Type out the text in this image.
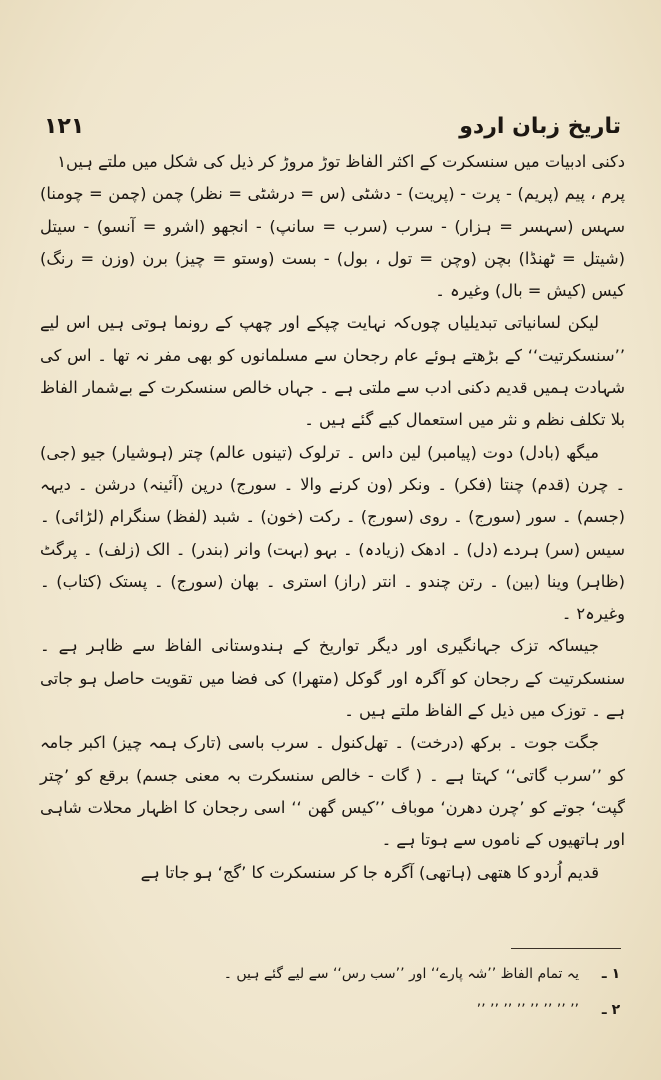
۱۲۱	تاریخ زبان اردو

دکنی ادبیات میں سنسکرت کے اکثر الفاظ توڑ مروڑ کر ذیل کی شکل میں ملتے ہیں۱

پرم ، پیم (پریم) - پرت - (پریت) - دشٹی (س = درشٹی = نظر) چمن (چمن = چومنا) سہس (سہسر = ہزار) - سرب (سرب = سانپ) - انجھو (اشرو = آنسو) - سیتل (شیتل = ٹھنڈا) بچن (وچن = تول ، بول) - بست (وستو = چیز) برن (وزن = رنگ) کیس (کیش = بال) وغیرہ ۔

لیکن لسانیاتی تبدیلیاں چوں‌کہ نہایت چپکے اور چھپ کے رونما ہوتی ہیں اس لیے ’’سنسکرتیت‘‘ کے بڑھتے ہوئے عام رجحان سے مسلمانوں کو بھی مفر نہ تھا ۔ اس کی شہادت ہمیں قدیم دکنی ادب سے ملتی ہے ۔ جہاں خالص سنسکرت کے بےشمار الفاظ بلا تکلف نظم و نثر میں استعمال کیے گئے ہیں ۔

میگھ (بادل) دوت (پیامبر) لین داس ۔ ترلوک (تینوں عالم) چتر (ہوشیار) جیو (جی) ۔ چرن (قدم) چنتا (فکر) ۔ ونکر (ون کرنے والا ۔ سورج) درپن (آئینہ) درشن ۔ دیہہ (جسم) ۔ سور (سورج) ۔ روی (سورج) ۔ رکت (خون) ۔ شبد (لفظ) سنگرام (لڑائی) ۔ سیس (سر) ہردے (دل) ۔ ادھک (زیادہ) ۔ بہو (بہت) وانر (بندر) ۔ الک (زلف) ۔ پرگٹ (ظاہر) وینا (بین) ۔ رتن چندو ۔ انتر (راز) استری ۔ بھان (سورج) ۔ پستک (کتاب) ۔ وغیرہ۲ ۔

جیساکہ تزک جہانگیری اور دیگر تواریخ کے ہندوستانی الفاظ سے ظاہر ہے ۔ سنسکرتیت کے رجحان کو آگرہ اور گوکل (متھرا) کی فضا میں تقویت حاصل ہو جاتی ہے ۔ توزک میں ذیل کے الفاظ ملتے ہیں ۔

جگت جوت ۔ برکھ (درخت) ۔ تھل‌کنول ۔ سرب باسی (تارک ہمہ چیز) اکبر جامہ کو ’’سرب گاتی‘‘ کہتا ہے ۔ ( گات - خالص سنسکرت بہ معنی جسم) برقع کو ’چتر گپت‘ جوتے کو ’چرن دھرن‘ موباف ’’کیس گھن ‘‘ اسی رجحان کا اظہار محلات شاہی اور ہاتھیوں کے ناموں سے ہوتا ہے ۔

قدیم اُردو کا ھتھی (ہاتھی) آگرہ جا کر سنسکرت کا ’گج‘ ہو جاتا ہے

۱ ـ
یہ تمام الفاظ ’’شہ پارے‘‘ اور ’’سب رس‘‘ سے لیے گئے ہیں ۔
۲ ـ
’’ ’’ ’’ ’’ ’’ ’’ ’’ ’’
